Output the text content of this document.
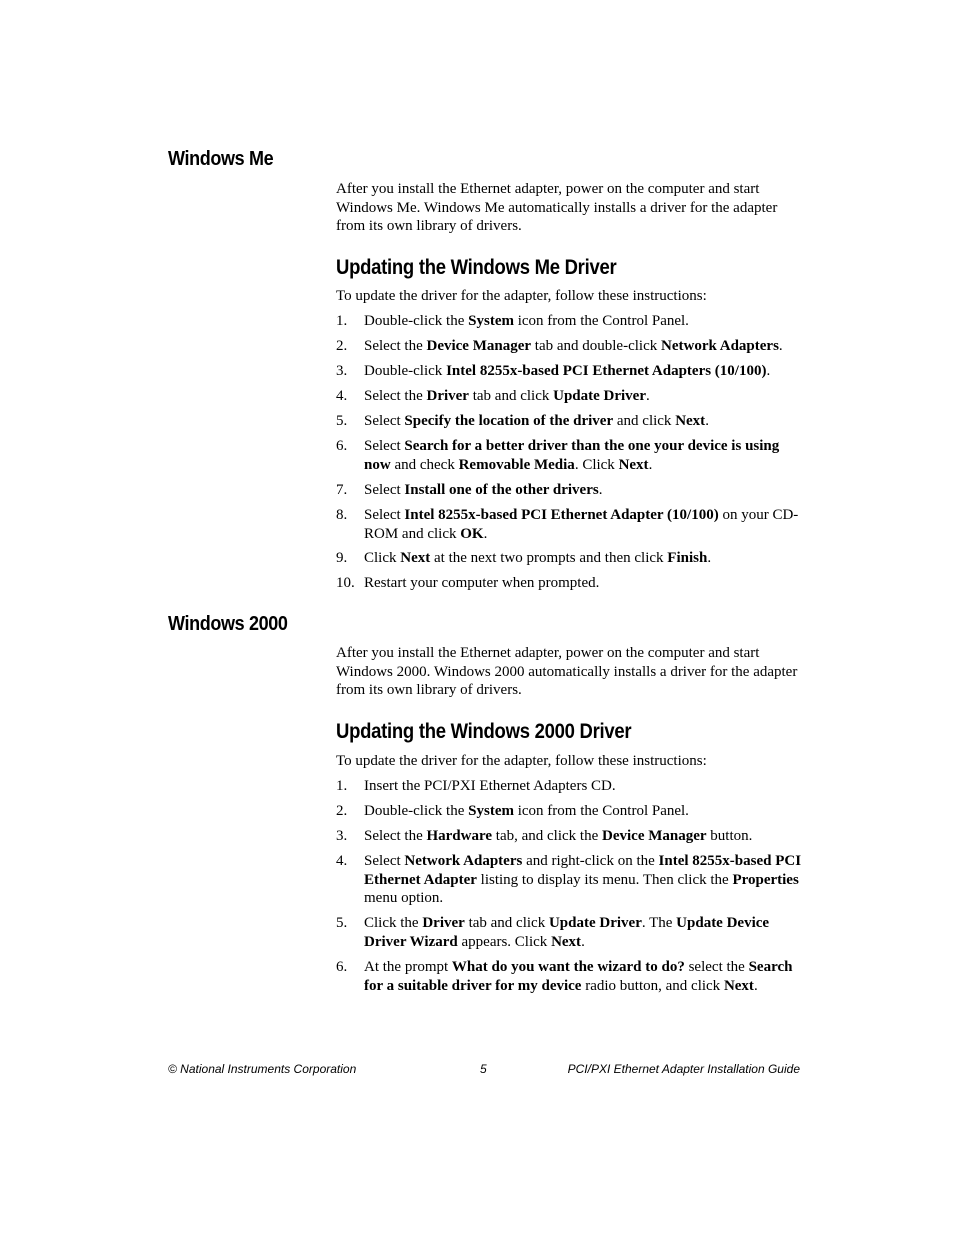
Windows Me

After you install the Ethernet adapter, power on the computer and start Windows Me. Windows Me automatically installs a driver for the adapter from its own library of drivers.

Updating the Windows Me Driver

To update the driver for the adapter, follow these instructions:

1. Double-click the System icon from the Control Panel.
2. Select the Device Manager tab and double-click Network Adapters.
3. Double-click Intel 8255x-based PCI Ethernet Adapters (10/100).
4. Select the Driver tab and click Update Driver.
5. Select Specify the location of the driver and click Next.
6. Select Search for a better driver than the one your device is using now and check Removable Media. Click Next.
7. Select Install one of the other drivers.
8. Select Intel 8255x-based PCI Ethernet Adapter (10/100) on your CD-ROM and click OK.
9. Click Next at the next two prompts and then click Finish.
10. Restart your computer when prompted.
Windows 2000

After you install the Ethernet adapter, power on the computer and start Windows 2000. Windows 2000 automatically installs a driver for the adapter from its own library of drivers.

Updating the Windows 2000 Driver

To update the driver for the adapter, follow these instructions:

1. Insert the PCI/PXI Ethernet Adapters CD.
2. Double-click the System icon from the Control Panel.
3. Select the Hardware tab, and click the Device Manager button.
4. Select Network Adapters and right-click on the Intel 8255x-based PCI Ethernet Adapter listing to display its menu. Then click the Properties menu option.
5. Click the Driver tab and click Update Driver. The Update Device Driver Wizard appears. Click Next.
6. At the prompt What do you want the wizard to do? select the Search for a suitable driver for my device radio button, and click Next.
© National Instruments Corporation	5	PCI/PXI Ethernet Adapter Installation Guide
